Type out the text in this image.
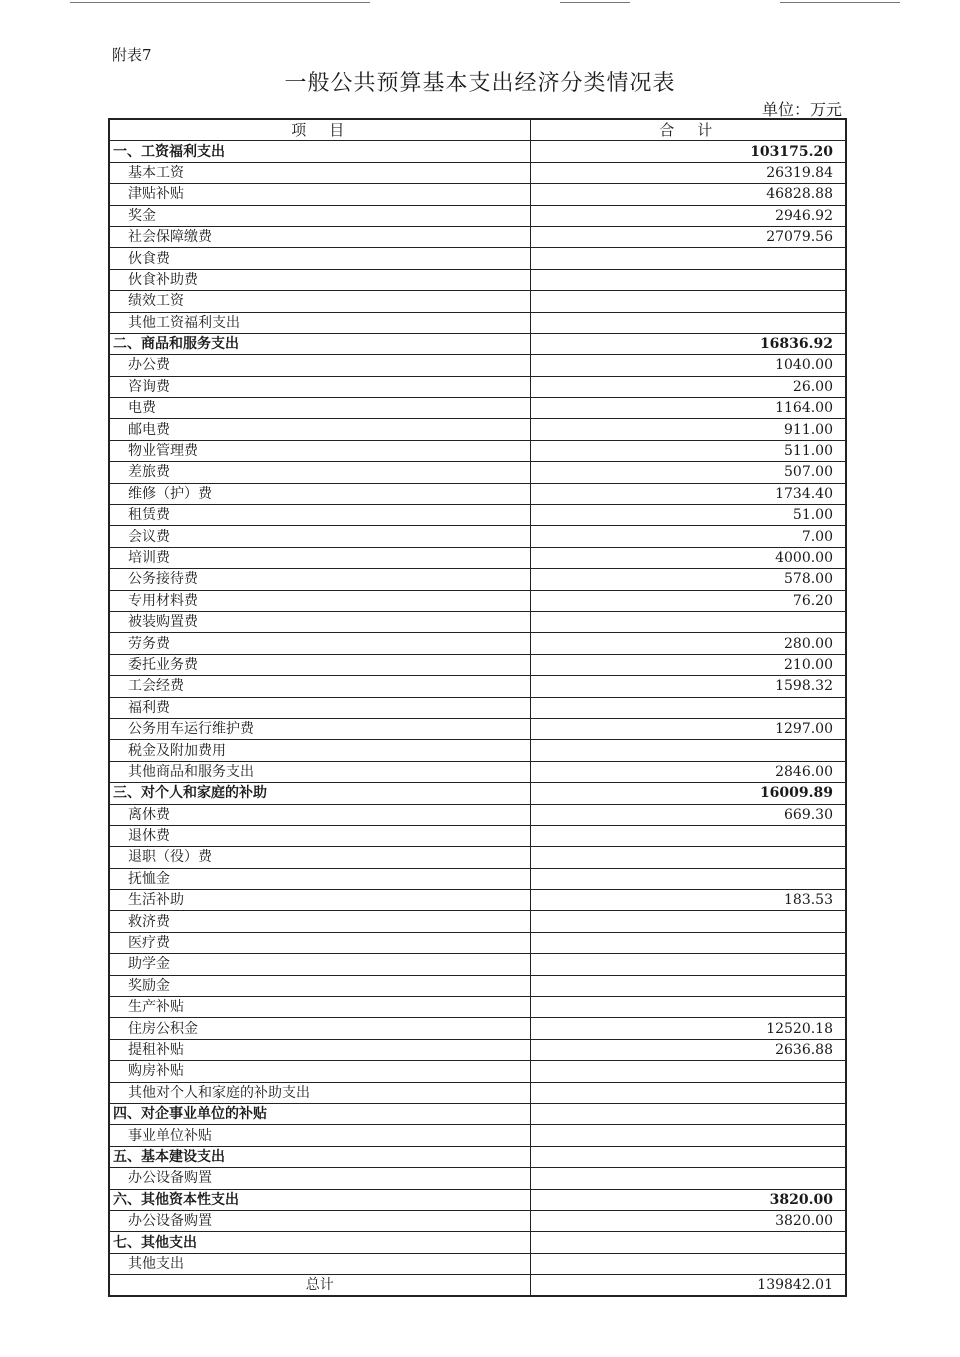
附表7
一般公共预算基本支出经济分类情况表
单位：万元
项　目	合　计
一、工资福利支出	103175.20
基本工资	26319.84
津贴补贴	46828.88
奖金	2946.92
社会保障缴费	27079.56
伙食费	
伙食补助费	
绩效工资	
其他工资福利支出	
二、商品和服务支出	16836.92
办公费	1040.00
咨询费	26.00
电费	1164.00
邮电费	911.00
物业管理费	511.00
差旅费	507.00
维修（护）费	1734.40
租赁费	51.00
会议费	7.00
培训费	4000.00
公务接待费	578.00
专用材料费	76.20
被装购置费	
劳务费	280.00
委托业务费	210.00
工会经费	1598.32
福利费	
公务用车运行维护费	1297.00
税金及附加费用	
其他商品和服务支出	2846.00
三、对个人和家庭的补助	16009.89
离休费	669.30
退休费	
退职（役）费	
抚恤金	
生活补助	183.53
救济费	
医疗费	
助学金	
奖励金	
生产补贴	
住房公积金	12520.18
提租补贴	2636.88
购房补贴	
其他对个人和家庭的补助支出	
四、对企事业单位的补贴	
事业单位补贴	
五、基本建设支出	
办公设备购置	
六、其他资本性支出	3820.00
办公设备购置	3820.00
七、其他支出	
其他支出	
总计	139842.01
